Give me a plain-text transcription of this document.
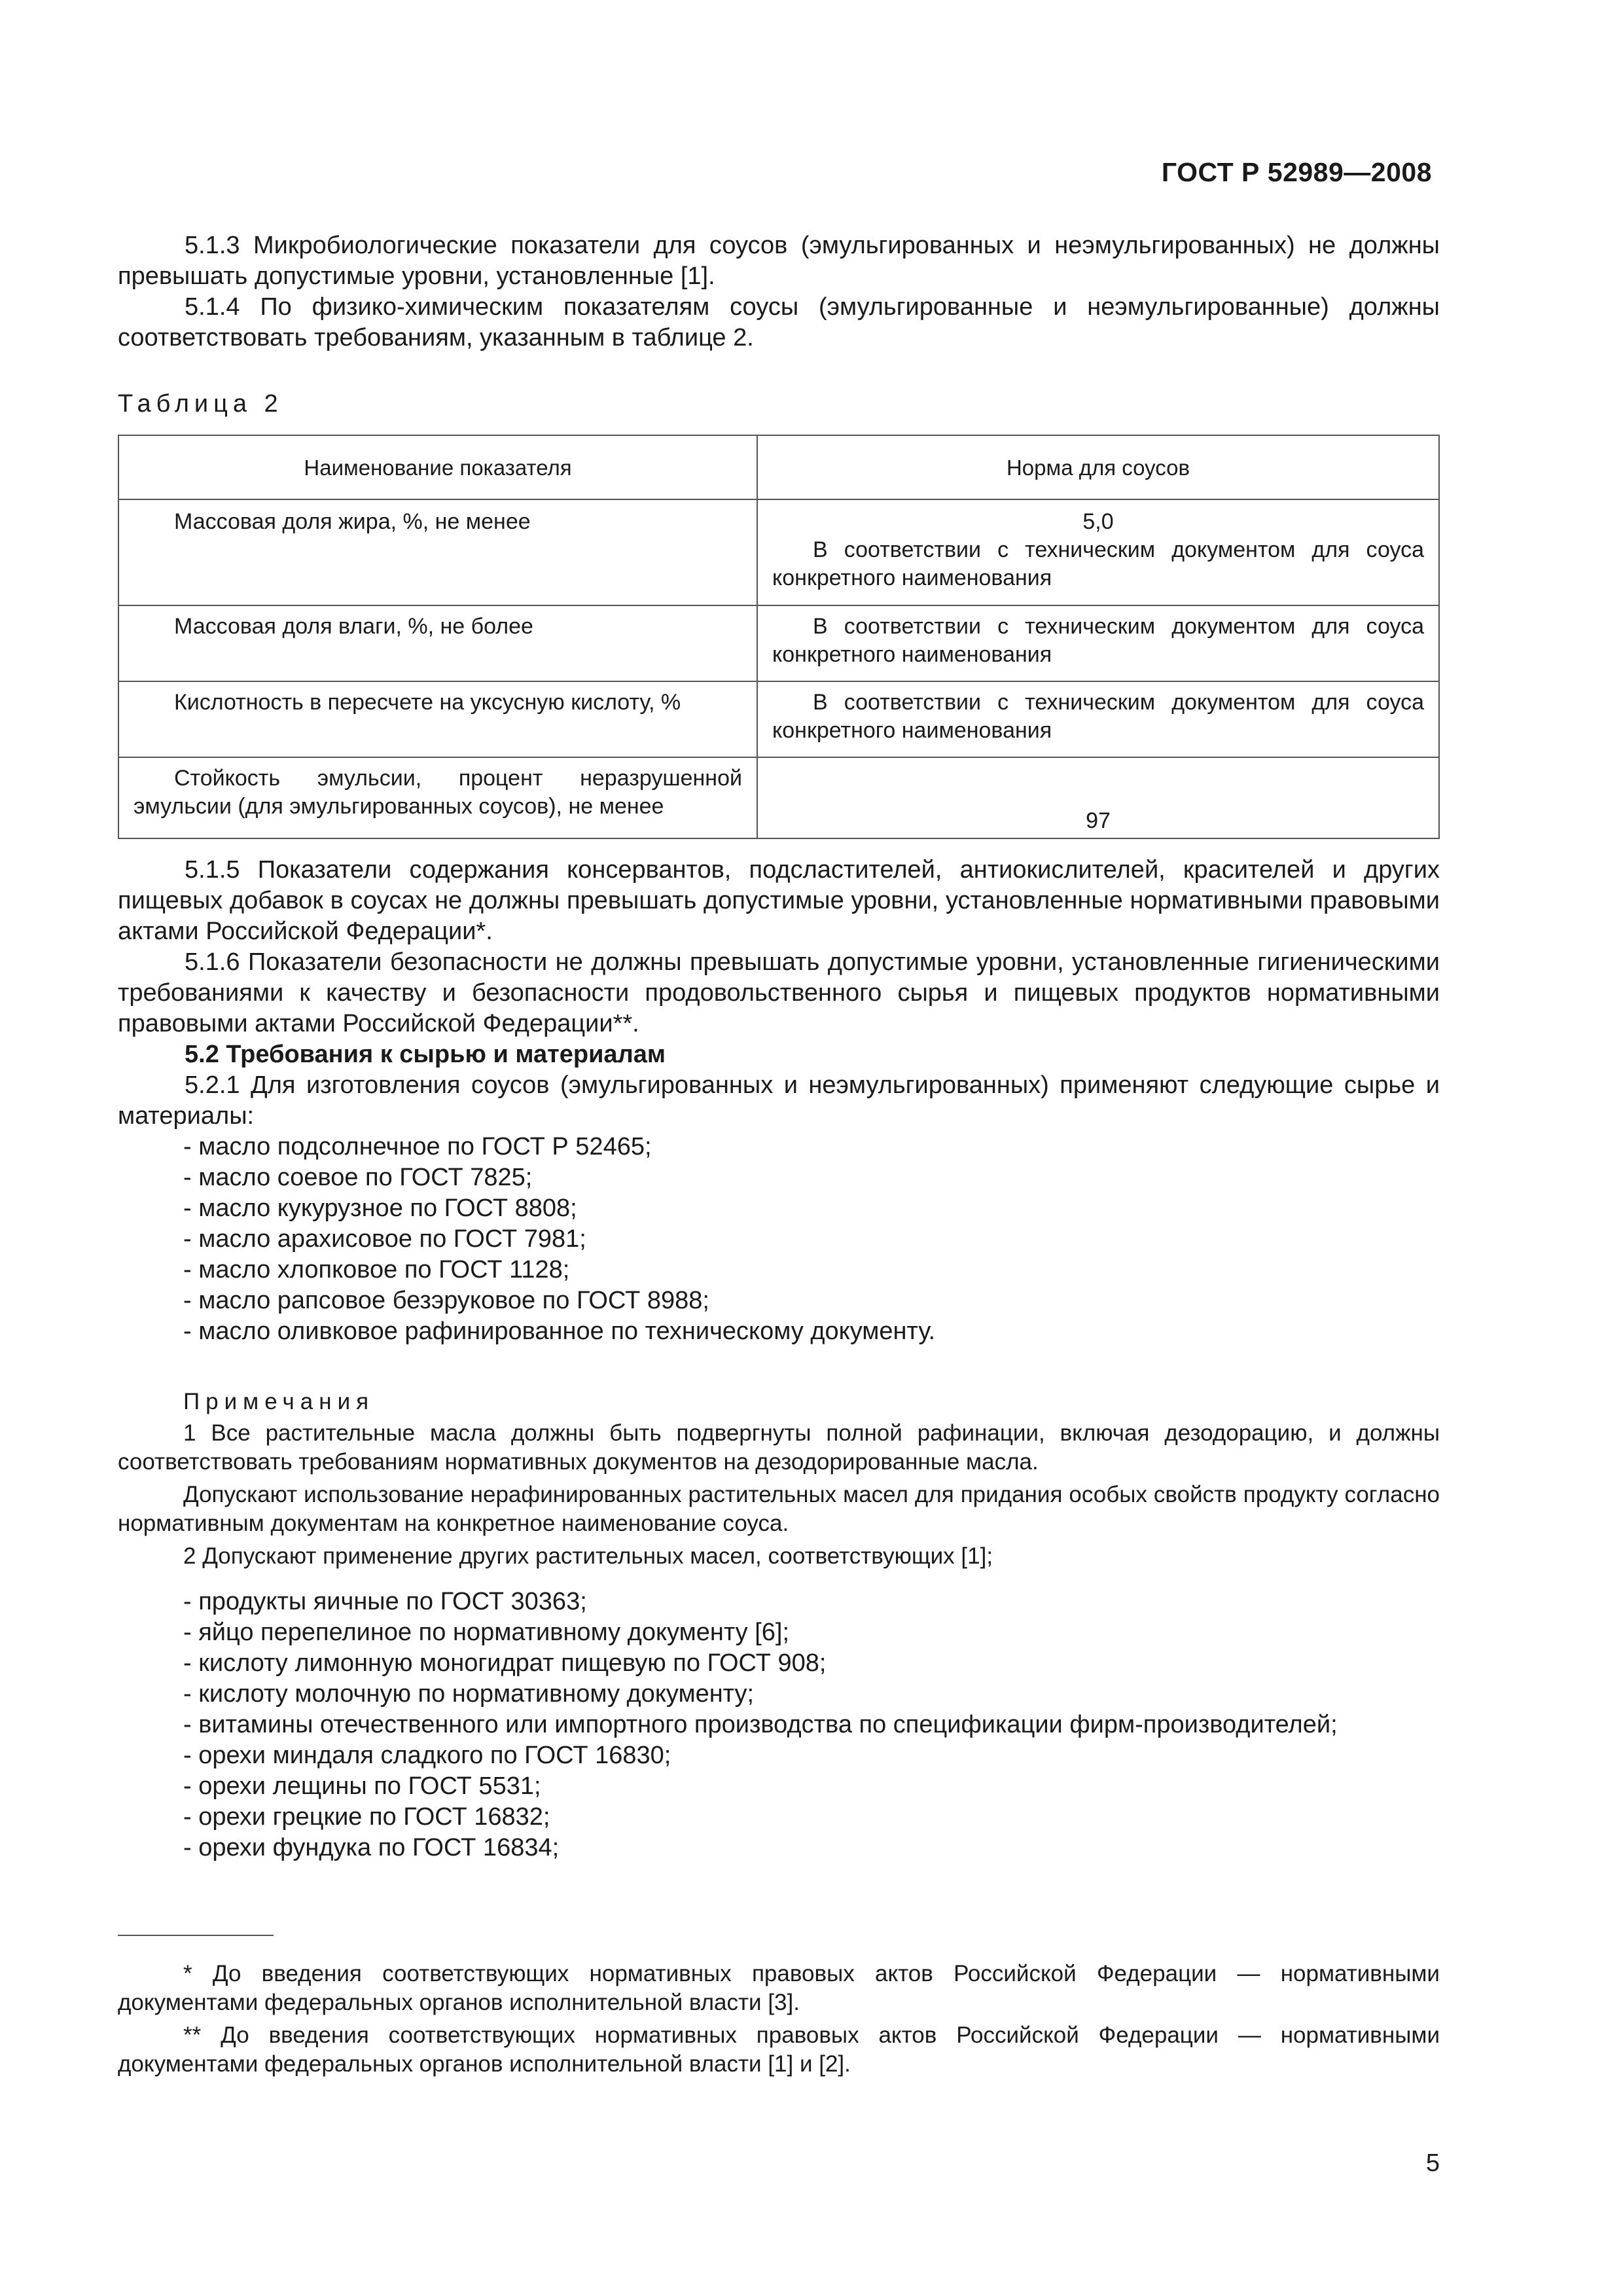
ГОСТ Р 52989—2008

5.1.3 Микробиологические показатели для соусов (эмульгированных и неэмульгированных) не должны превышать допустимые уровни, установленные [1].

5.1.4 По физико-химическим показателям соусы (эмульгированные и неэмульгированные) должны соответствовать требованиям, указанным в таблице 2.

Таблица 2
Наименование показателя	Норма для соусов

Массовая доля жира, %, не менее	5,0
В соответствии с техническим документом для соуса конкретного наименования

Массовая доля влаги, %, не более	В соответствии с техническим документом для соуса конкретного наименования

Кислотность в пересчете на уксусную кислоту, %	В соответствии с техническим документом для соуса конкретного наименования

Стойкость эмульсии, процент неразрушенной эмульсии (для эмульгированных соусов), не менее	97

5.1.5 Показатели содержания консервантов, подсластителей, антиокислителей, красителей и других пищевых добавок в соусах не должны превышать допустимые уровни, установленные нормативными правовыми актами Российской Федерации*.

5.1.6 Показатели безопасности не должны превышать допустимые уровни, установленные гигиеническими требованиями к качеству и безопасности продовольственного сырья и пищевых продуктов нормативными правовыми актами Российской Федерации**.

5.2 Требования к сырью и материалам

5.2.1 Для изготовления соусов (эмульгированных и неэмульгированных) применяют следующие сырье и материалы:

- масло подсолнечное по ГОСТ Р 52465;

- масло соевое по ГОСТ 7825;

- масло кукурузное по ГОСТ 8808;

- масло арахисовое по ГОСТ 7981;

- масло хлопковое по ГОСТ 1128;

- масло рапсовое безэруковое по ГОСТ 8988;

- масло оливковое рафинированное по техническому документу.

Примечания

1 Все растительные масла должны быть подвергнуты полной рафинации, включая дезодорацию, и должны соответствовать требованиям нормативных документов на дезодорированные масла.

Допускают использование нерафинированных растительных масел для придания особых свойств продукту согласно нормативным документам на конкретное наименование соуса.

2 Допускают применение других растительных масел, соответствующих [1];

- продукты яичные по ГОСТ 30363;

- яйцо перепелиное по нормативному документу [6];

- кислоту лимонную моногидрат пищевую по ГОСТ 908;

- кислоту молочную по нормативному документу;

- витамины отечественного или импортного производства по спецификации фирм-производителей;

- орехи миндаля сладкого по ГОСТ 16830;

- орехи лещины по ГОСТ 5531;

- орехи грецкие по ГОСТ 16832;

- орехи фундука по ГОСТ 16834;

* До введения соответствующих нормативных правовых актов Российской Федерации — нормативными документами федеральных органов исполнительной власти [3].

** До введения соответствующих нормативных правовых актов Российской Федерации — нормативными документами федеральных органов исполнительной власти [1] и [2].

5
